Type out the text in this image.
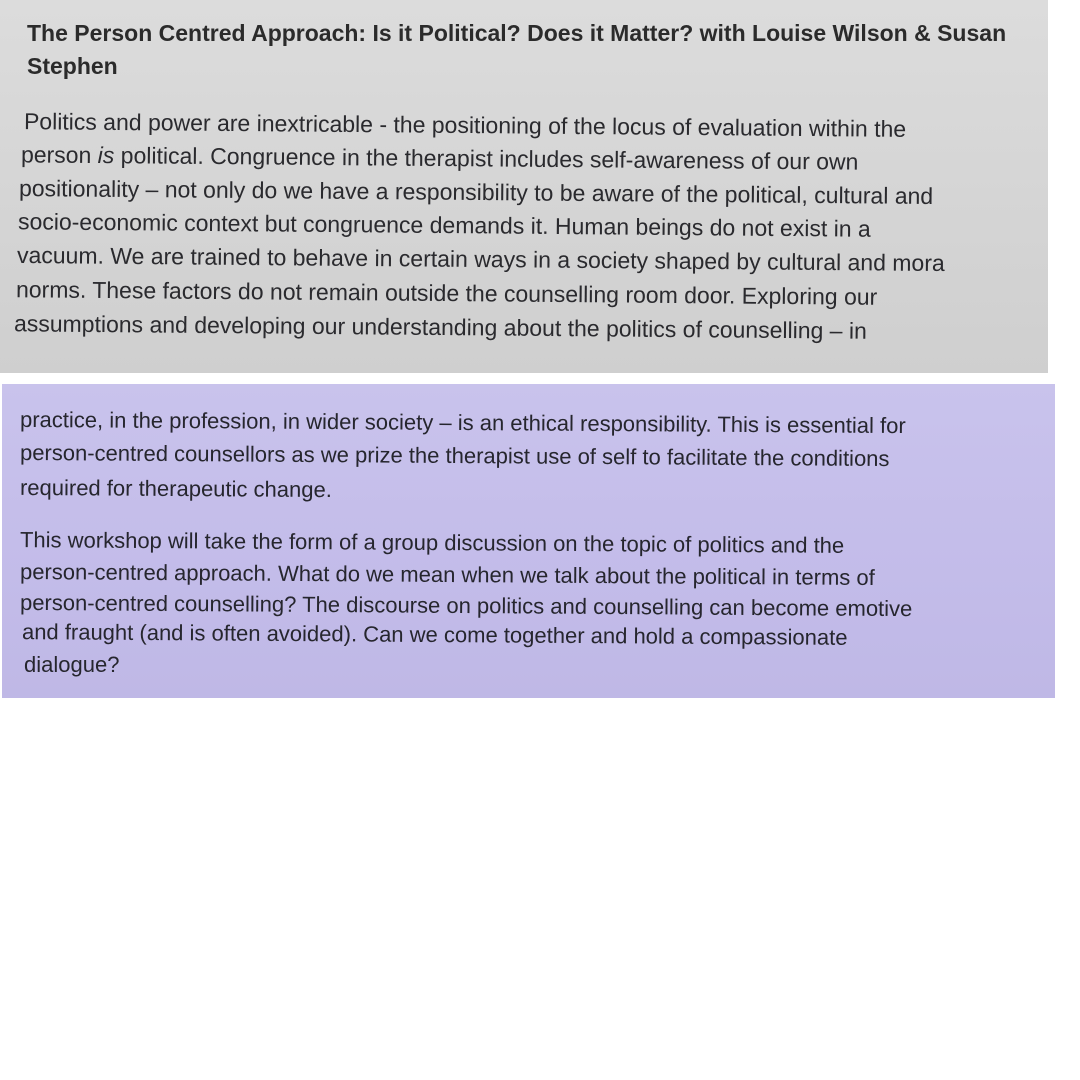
The Person Centred Approach: Is it Political? Does it Matter? with Louise Wilson & Susan Stephen
Politics and power are inextricable - the positioning of the locus of evaluation within the
person is political. Congruence in the therapist includes self-awareness of our own
positionality – not only do we have a responsibility to be aware of the political, cultural and
socio-economic context but congruence demands it. Human beings do not exist in a
vacuum. We are trained to behave in certain ways in a society shaped by cultural and mora
norms. These factors do not remain outside the counselling room door. Exploring our
assumptions and developing our understanding about the politics of counselling – in
practice, in the profession, in wider society – is an ethical responsibility. This is essential for
person-centred counsellors as we prize the therapist use of self to facilitate the conditions
required for therapeutic change.
This workshop will take the form of a group discussion on the topic of politics and the
person-centred approach. What do we mean when we talk about the political in terms of
person-centred counselling? The discourse on politics and counselling can become emotive
and fraught (and is often avoided). Can we come together and hold a compassionate
dialogue?
